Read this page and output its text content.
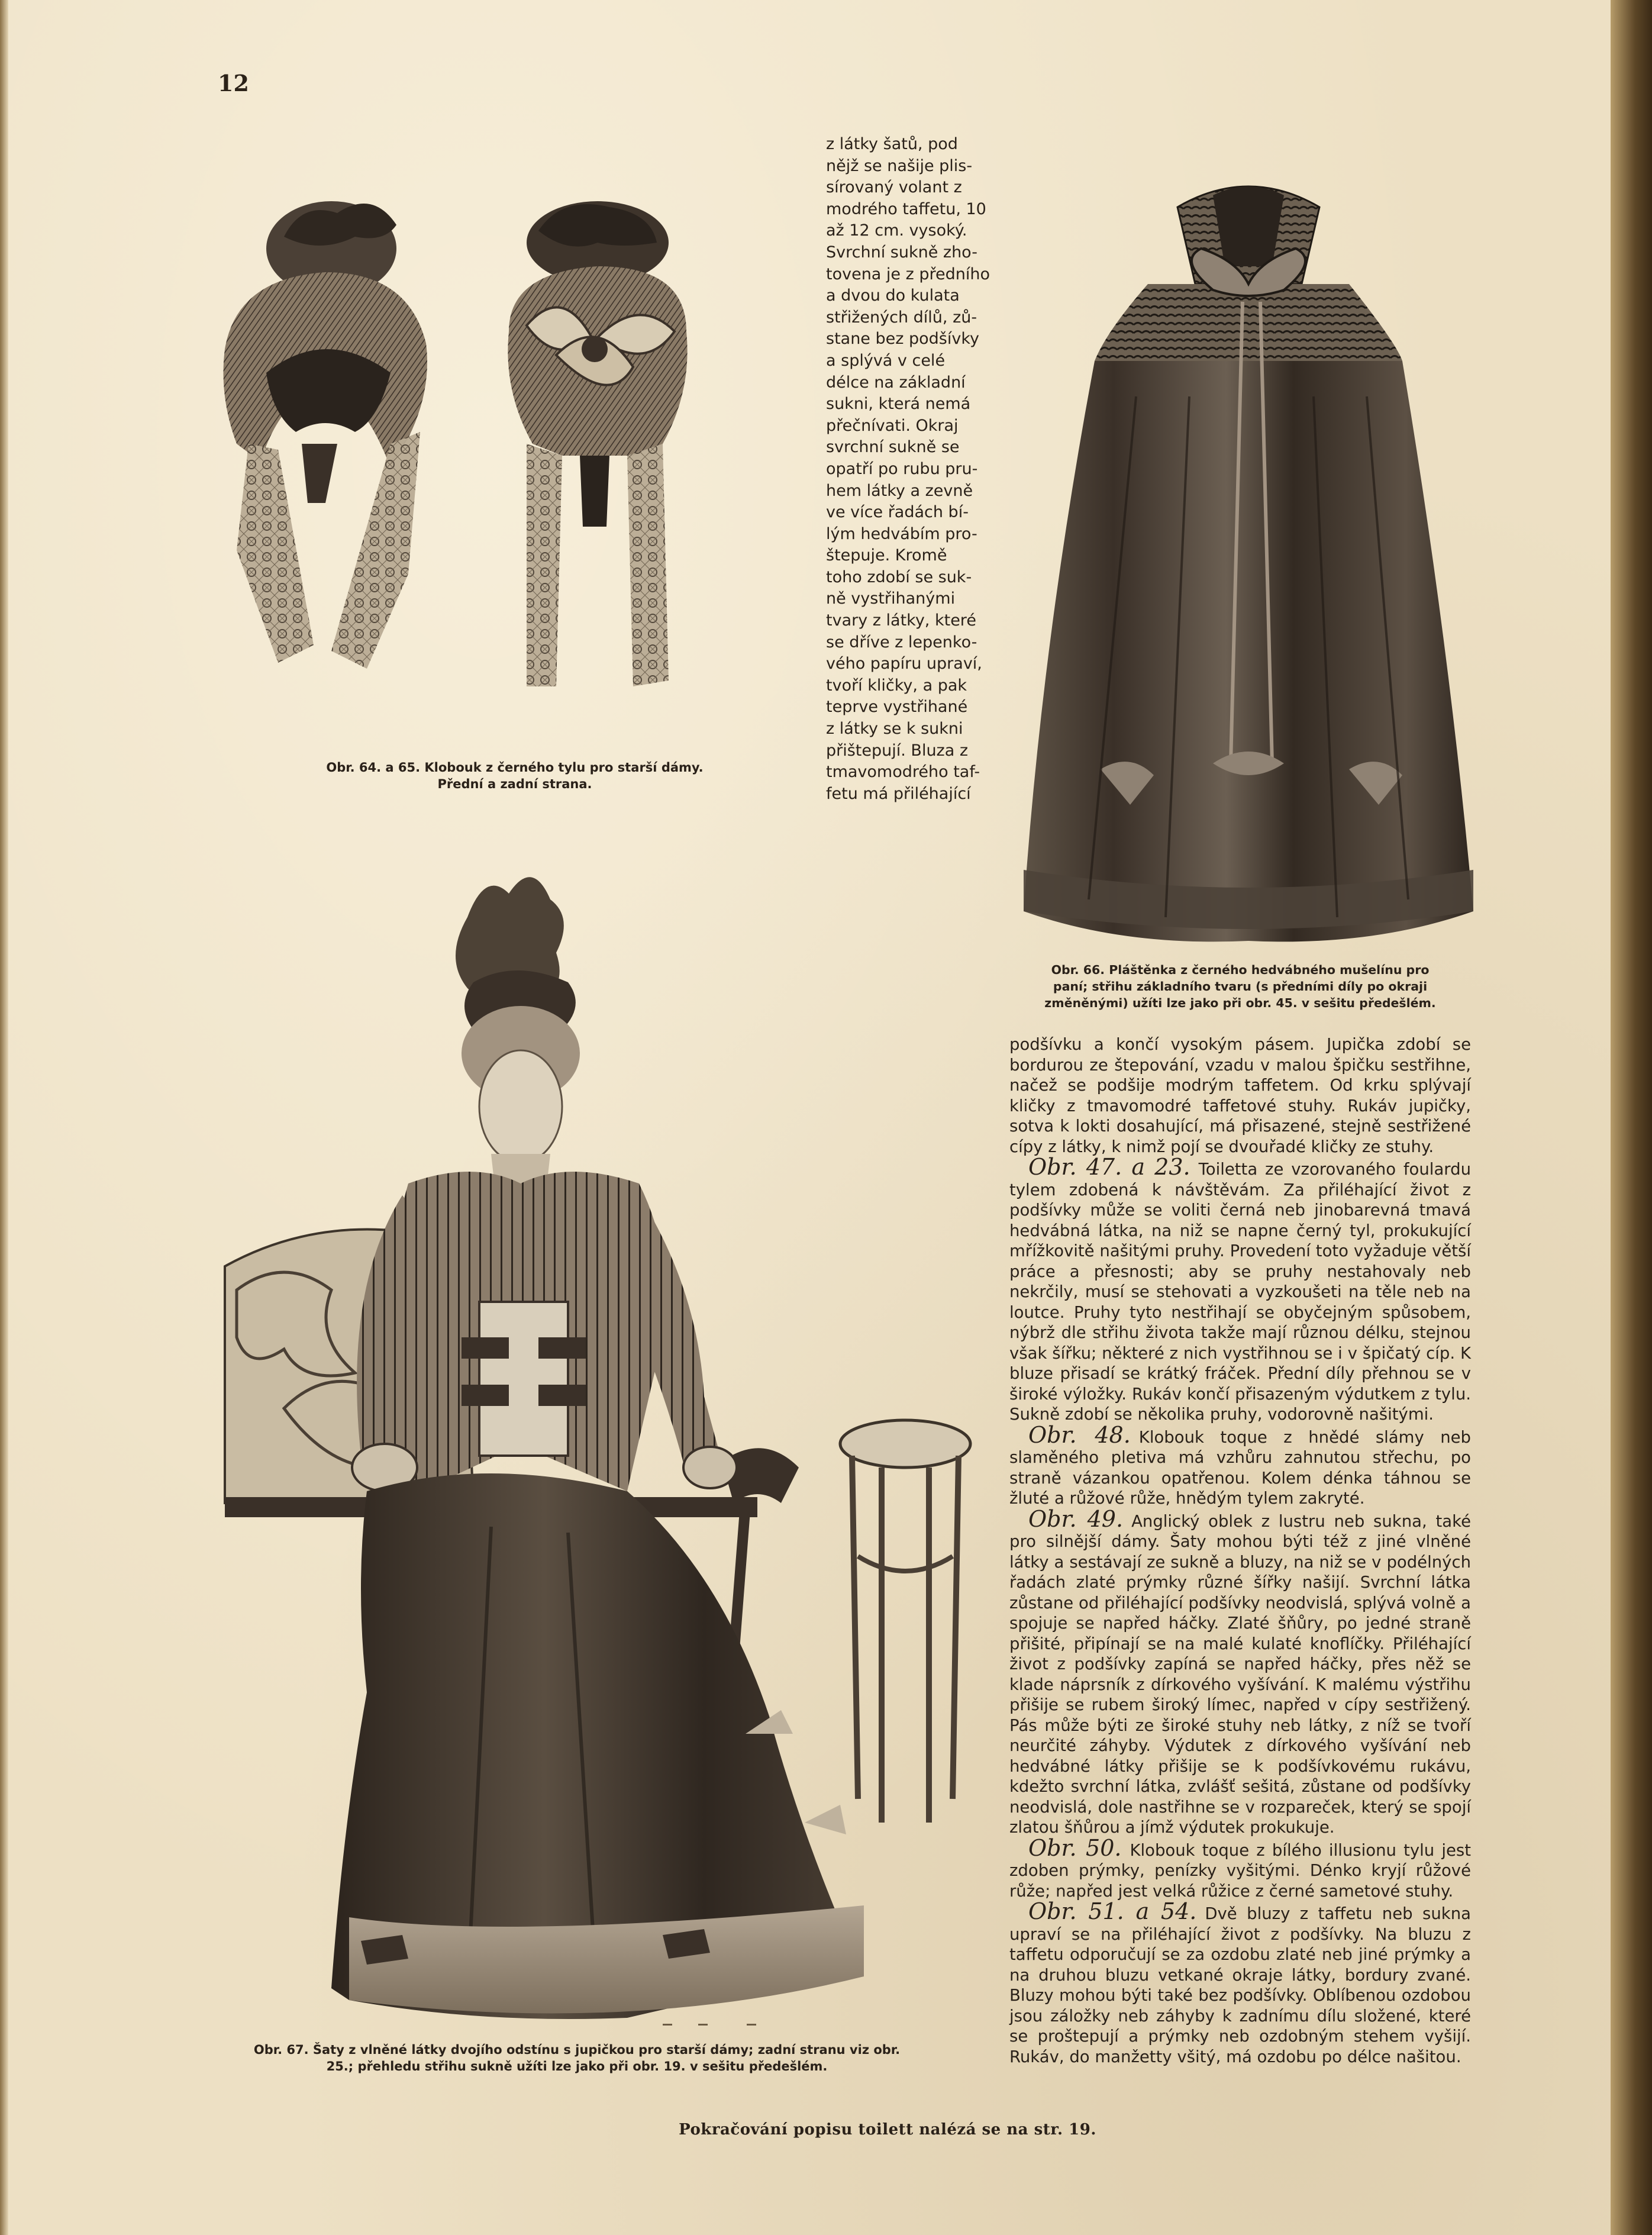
12
Obr. 64. a 65. Klobouk z černého tylu pro starší dámy.
Přední a zadní strana.
z látky šatů, pod
nějž se našije plis-
sírovaný volant z
modrého taffetu, 10
až 12 cm. vysoký.
Svrchní sukně zho-
tovena je z předního
a dvou do kulata
střižených dílů, zů-
stane bez podšívky
a splývá v celé
délce na základní
sukni, která nemá
přečnívati. Okraj
svrchní sukně se
opatří po rubu pru-
hem látky a zevně
ve více řadách bí-
lým hedvábím pro-
štepuje. Kromě
toho zdobí se suk-
ně vystřihanými
tvary z látky, které
se dříve z lepenko-
vého papíru upraví,
tvoří kličky, a pak
teprve vystřihané
z látky se k sukni
přištepují. Bluza z
tmavomodrého taf-
fetu má přiléhající
Obr. 66. Pláštěnka z černého hedvábného mušelínu pro
paní; střihu základního tvaru (s předními díly po okraji
změněnými) užíti lze jako při obr. 45. v sešitu předešlém.
Obr. 67. Šaty z vlněné látky dvojího odstínu s jupičkou pro starší dámy; zadní stranu viz obr.
25.; přehledu střihu sukně užíti lze jako při obr. 19. v sešitu předešlém.

podšívku a končí vysokým pásem. Jupička zdobí se bordurou ze štepování, vzadu v malou špičku sestřihne, načež se podšije modrým taffetem. Od krku splývají kličky z tmavomodré taffetové stuhy. Rukáv jupičky, sotva k lokti dosahující, má přisazené, stejně sestřižené cípy z látky, k nimž pojí se dvouřadé kličky ze stuhy.

Obr. 47. a 23. Toiletta ze vzorovaného foulardu tylem zdobená k návštěvám. Za přiléhající život z podšívky může se voliti černá neb jinobarevná tmavá hedvábná látka, na niž se napne černý tyl, prokukující mřížkovitě našitými pruhy. Provedení toto vyžaduje větší práce a přesnosti; aby se pruhy nestahovaly neb nekrčily, musí se stehovati a vyzkoušeti na těle neb na loutce. Pruhy tyto nestřihají se obyčejným spůsobem, nýbrž dle střihu života takže mají různou délku, stejnou však šířku; některé z nich vystřihnou se i v špičatý cíp. K bluze přisadí se krátký fráček. Přední díly přehnou se v široké výložky. Rukáv končí přisazeným výdutkem z tylu. Sukně zdobí se několika pruhy, vodorovně našitými.

Obr. 48. Klobouk toque z hnědé slámy neb slaměného pletiva má vzhůru zahnutou střechu, po straně vázankou opatřenou. Kolem dénka táhnou se žluté a růžové růže, hnědým tylem zakryté.

Obr. 49. Anglický oblek z lustru neb sukna, také pro silnější dámy. Šaty mohou býti též z jiné vlněné látky a sestávají ze sukně a bluzy, na niž se v podélných řadách zlaté prýmky různé šířky našijí. Svrchní látka zůstane od přiléhající podšívky neodvislá, splývá volně a spojuje se napřed háčky. Zlaté šňůry, po jedné straně přišité, připínají se na malé kulaté knoflíčky. Přiléhající život z podšívky zapíná se napřed háčky, přes něž se klade náprsník z dírkového vyšívání. K malému výstřihu přišije se rubem široký límec, napřed v cípy sestřižený. Pás může býti ze široké stuhy neb látky, z níž se tvoří neurčité záhyby. Výdutek z dírkového vyšívání neb hedvábné látky přišije se k podšívkovému rukávu, kdežto svrchní látka, zvlášť sešitá, zůstane od podšívky neodvislá, dole nastřihne se v rozpareček, který se spojí zlatou šňůrou a jímž výdutek prokukuje.

Obr. 50. Klobouk toque z bílého illusionu tylu jest zdoben prýmky, penízky vyšitými. Dénko kryjí růžové růže; napřed jest velká růžice z černé sametové stuhy.

Obr. 51. a 54. Dvě bluzy z taffetu neb sukna upraví se na přiléhající život z podšívky. Na bluzu z taffetu odporučují se za ozdobu zlaté neb jiné prýmky a na druhou bluzu vetkané okraje látky, bordury zvané. Bluzy mohou býti také bez podšívky. Oblíbenou ozdobou jsou záložky neb záhyby k zadnímu dílu složené, které se proštepují a prýmky neb ozdobným stehem vyšijí. Rukáv, do manžetty všitý, má ozdobu po délce našitou.

Pokračování popisu toilett nalézá se na str. 19.
